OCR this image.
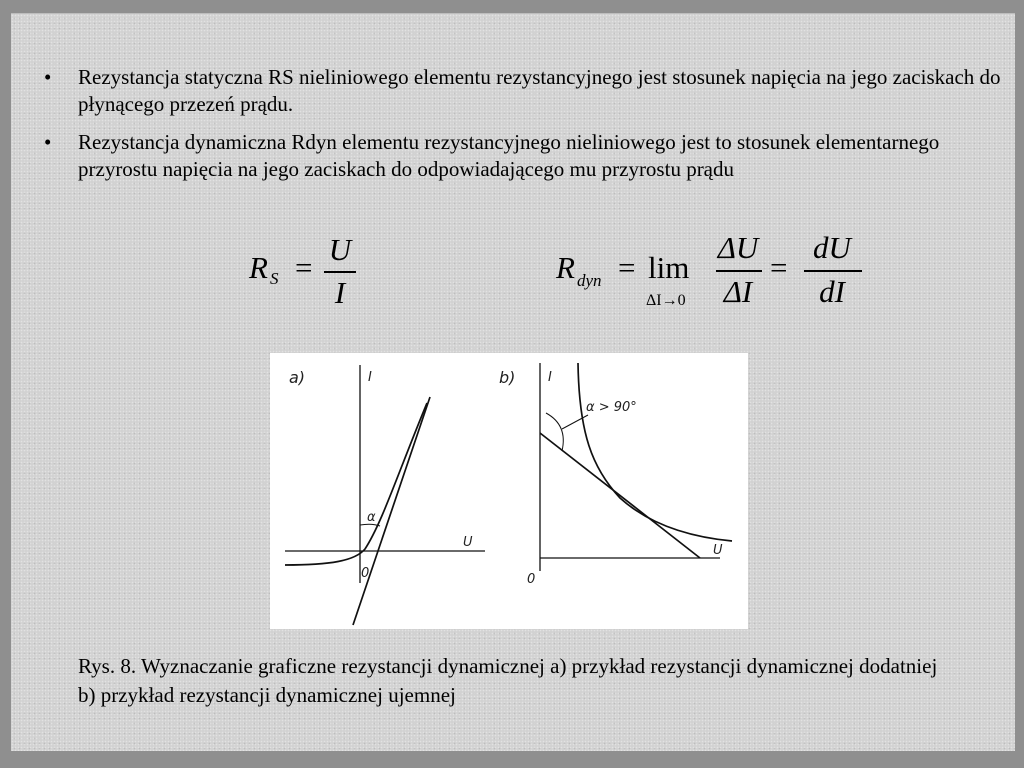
• Rezystancja statyczna RS nieliniowego elementu rezystancyjnego jest stosunek napięcia na jego zaciskach do płynącego przezeń prądu.
• Rezystancja dynamiczna Rdyn elementu rezystancyjnego nieliniowego jest to stosunek elementarnego przyrostu napięcia na jego zaciskach do odpowiadającego mu przyrostu prądu
R S =
U
I
R dyn = lim
ΔI→0
ΔU
ΔI
=
dU
dI
a)	I
U
0
α
b)	I
U
0
α > 90°
Rys. 8. Wyznaczanie graficzne rezystancji dynamicznej a) przykład rezystancji dynamicznej dodatniej b) przykład rezystancji dynamicznej ujemnej
